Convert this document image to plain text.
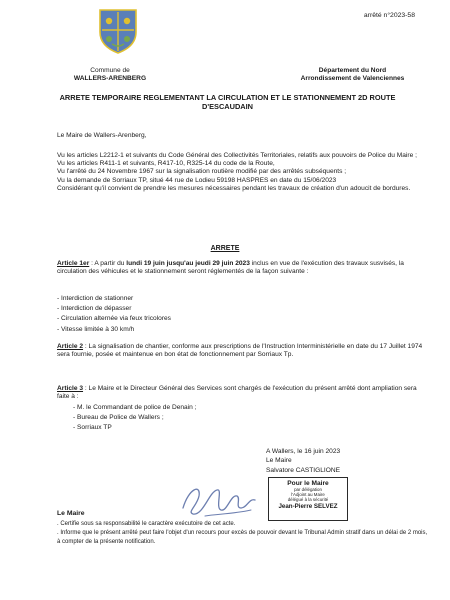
arrêté n°2023-58
Commune de
WALLERS-ARENBERG
Département du Nord
Arrondissement de Valenciennes
ARRETE TEMPORAIRE REGLEMENTANT LA CIRCULATION ET LE STATIONNEMENT 2D ROUTE
D'ESCAUDAIN
Le Maire de Wallers-Arenberg,
Vu les articles L2212-1 et suivants du Code Général des Collectivités Territoriales, relatifs aux pouvoirs de Police du Maire ;
Vu les articles R411-1 et suivants, R417-10, R325-14 du code de la Route,
Vu l'arrêté du 24 Novembre 1967 sur la signalisation routière modifié par des arrêtés subséquents ;
Vu la demande de Sorriaux TP, situé 44 rue de Lodieu 59198 HASPRES en date du 15/06/2023
Considérant qu'il convient de prendre les mesures nécessaires pendant les travaux de création d'un adoucit de bordures.
ARRETE
Article 1er : A partir du lundi 19 juin jusqu'au jeudi 29 juin 2023 inclus en vue de l'exécution des travaux susvisés, la circulation des véhicules et le stationnement seront réglementés de la façon suivante :
- Interdiction de stationner
- Interdiction de dépasser
- Circulation alternée via feux tricolores
- Vitesse limitée à 30 km/h
Article 2 : La signalisation de chantier, conforme aux prescriptions de l'Instruction Interministérielle en date du 17 Juillet 1974 sera fournie, posée et maintenue en bon état de fonctionnement par Sorriaux Tp.
Article 3 : Le Maire et le Directeur Général des Services sont chargés de l'exécution du présent arrêté dont ampliation sera faite à :
- M. le Commandant de police de Denain ;
- Bureau de Police de Wallers ;
- Sorriaux TP
A Wallers, le 16 juin 2023
Le Maire
Salvatore CASTIGLIONE
Pour le Maire
par délégation
l'Adjoint au Maire
délégué à la sécurité
Jean-Pierre SELVEZ
Le Maire
. Certifie sous sa responsabilité le caractère exécutoire de cet acte.
. Informe que le présent arrêté peut faire l'objet d'un recours pour excès de pouvoir devant le Tribunal Admin stratif dans un délai de 2 mois, à compter de la présente notification.
